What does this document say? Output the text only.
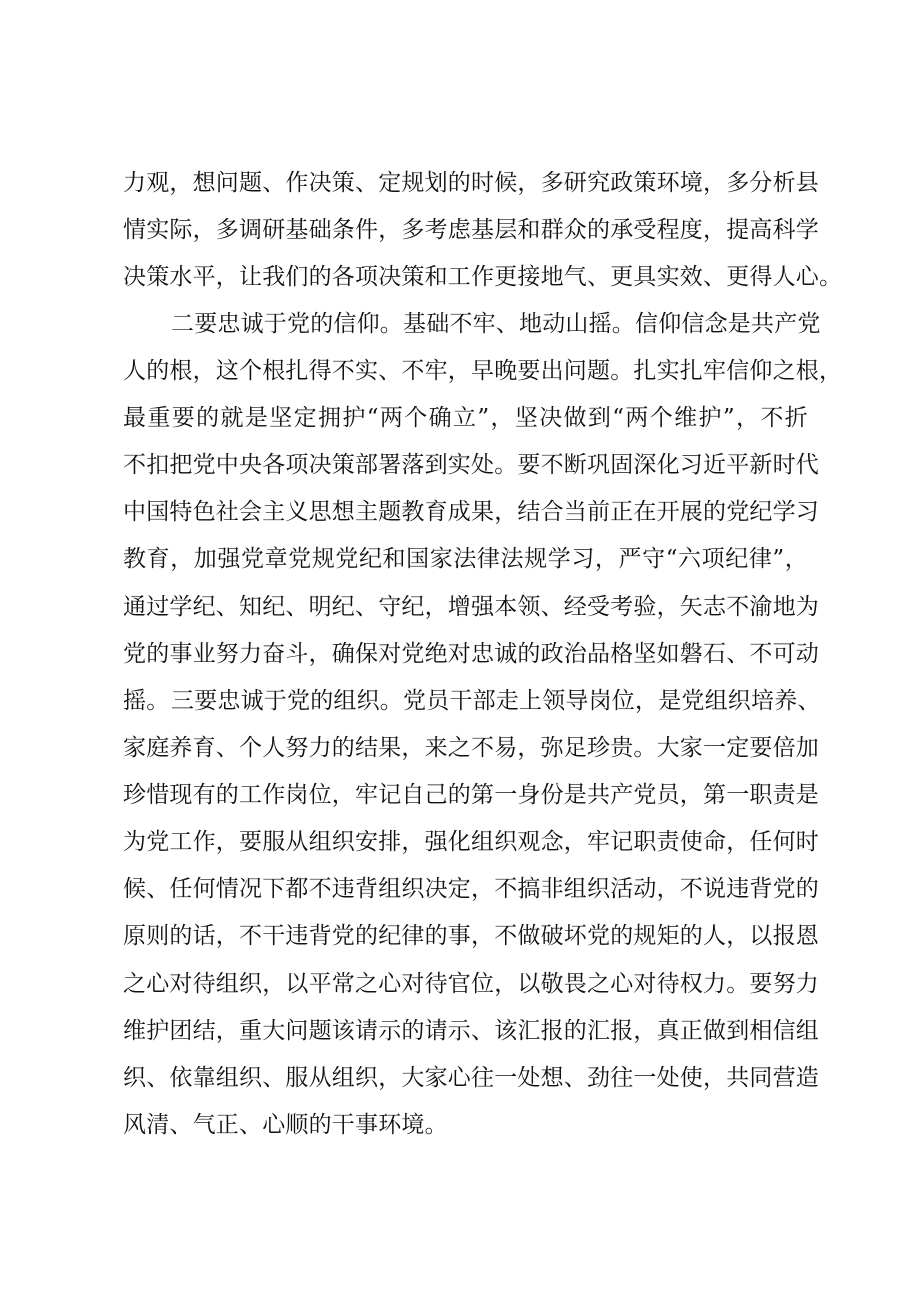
力观，想问题、作决策、定规划的时候，多研究政策环境，多分析县
情实际，多调研基础条件，多考虑基层和群众的承受程度，提高科学
决策水平，让我们的各项决策和工作更接地气、更具实效、更得人心。
二要忠诚于党的信仰。基础不牢、地动山摇。信仰信念是共产党
人的根，这个根扎得不实、不牢，早晚要出问题。扎实扎牢信仰之根，
最重要的就是坚定拥护“两个确立”，坚决做到“两个维护”，不折
不扣把党中央各项决策部署落到实处。要不断巩固深化习近平新时代
中国特色社会主义思想主题教育成果，结合当前正在开展的党纪学习
教育，加强党章党规党纪和国家法律法规学习，严守“六项纪律”，
通过学纪、知纪、明纪、守纪，增强本领、经受考验，矢志不渝地为
党的事业努力奋斗，确保对党绝对忠诚的政治品格坚如磐石、不可动
摇。 三要忠诚于党的组织。党员干部走上领导岗位，是党组织培养、
家庭养育、个人努力的结果，来之不易，弥足珍贵。大家一定要倍加
珍惜现有的工作岗位，牢记自己的第一身份是共产党员，第一职责是
为党工作，要服从组织安排，强化组织观念，牢记职责使命，任何时
候、任何情况下都不违背组织决定，不搞非组织活动，不说违背党的
原则的话，不干违背党的纪律的事，不做破坏党的规矩的人，以报恩
之心对待组织，以平常之心对待官位，以敬畏之心对待权力。要努力
维护团结，重大问题该请示的请示、该汇报的汇报，真正做到相信组
织、依靠组织、服从组织，大家心往一处想、劲往一处使，共同营造
风清、气正、心顺的干事环境。
